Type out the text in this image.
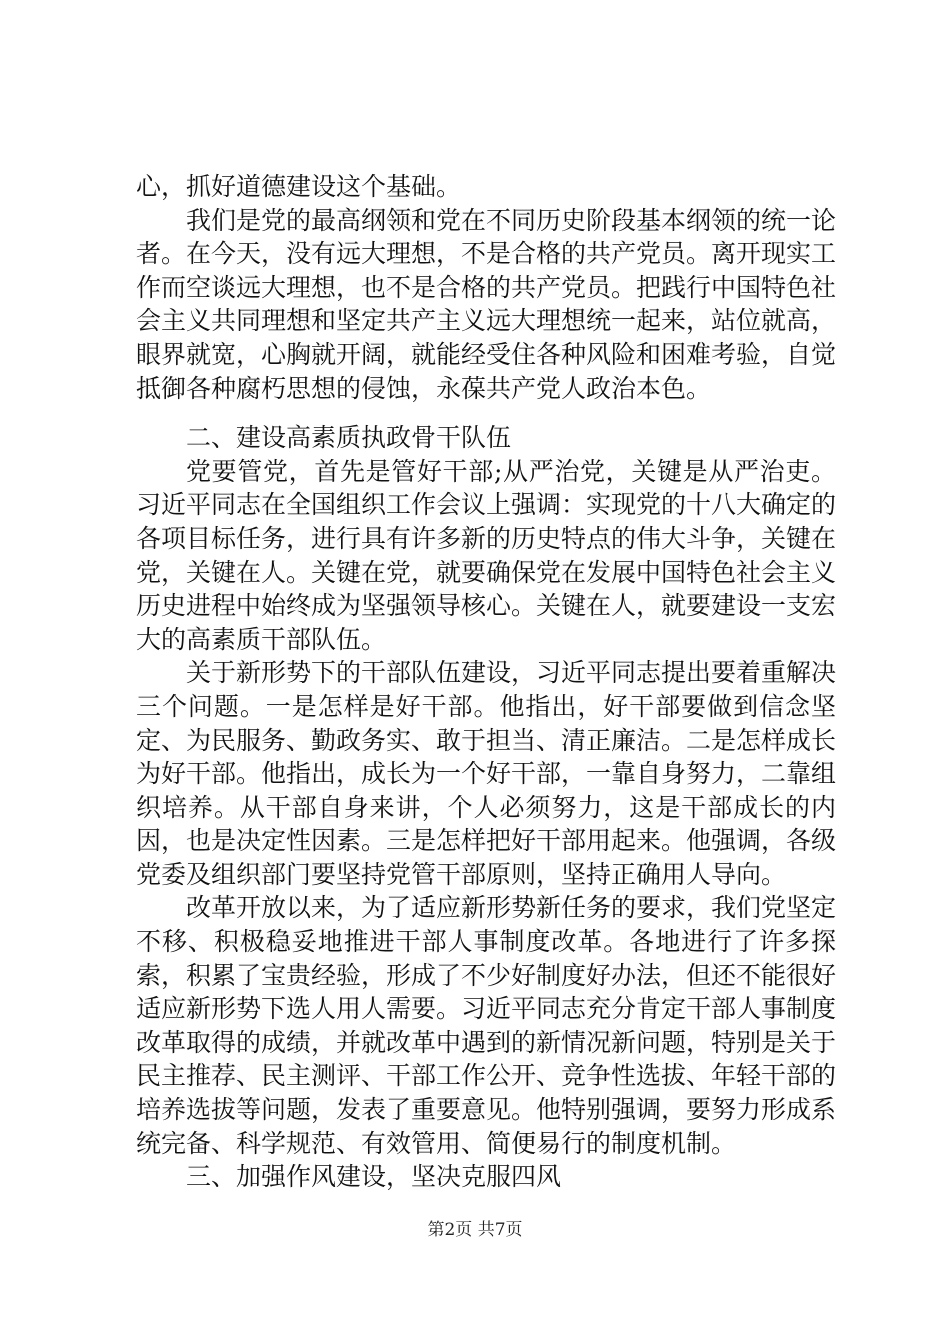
心，抓好道德建设这个基础。

我们是党的最高纲领和党在不同历史阶段基本纲领的统一论者。在今天，没有远大理想，不是合格的共产党员。离开现实工作而空谈远大理想，也不是合格的共产党员。把践行中国特色社会主义共同理想和坚定共产主义远大理想统一起来，站位就高，眼界就宽，心胸就开阔，就能经受住各种风险和困难考验，自觉抵御各种腐朽思想的侵蚀，永葆共产党人政治本色。

二、建设高素质执政骨干队伍

党要管党，首先是管好干部;从严治党，关键是从严治吏。习近平同志在全国组织工作会议上强调：实现党的十八大确定的各项目标任务，进行具有许多新的历史特点的伟大斗争，关键在党，关键在人。关键在党，就要确保党在发展中国特色社会主义历史进程中始终成为坚强领导核心。关键在人，就要建设一支宏大的高素质干部队伍。

关于新形势下的干部队伍建设，习近平同志提出要着重解决三个问题。一是怎样是好干部。他指出，好干部要做到信念坚定、为民服务、勤政务实、敢于担当、清正廉洁。二是怎样成长为好干部。他指出，成长为一个好干部，一靠自身努力，二靠组织培养。从干部自身来讲，个人必须努力，这是干部成长的内因，也是决定性因素。三是怎样把好干部用起来。他强调，各级党委及组织部门要坚持党管干部原则，坚持正确用人导向。

改革开放以来，为了适应新形势新任务的要求，我们党坚定不移、积极稳妥地推进干部人事制度改革。各地进行了许多探索，积累了宝贵经验，形成了不少好制度好办法，但还不能很好适应新形势下选人用人需要。习近平同志充分肯定干部人事制度改革取得的成绩，并就改革中遇到的新情况新问题，特别是关于民主推荐、民主测评、干部工作公开、竞争性选拔、年轻干部的培养选拔等问题，发表了重要意见。他特别强调，要努力形成系统完备、科学规范、有效管用、简便易行的制度机制。

三、加强作风建设，坚决克服四风

第2页 共7页
